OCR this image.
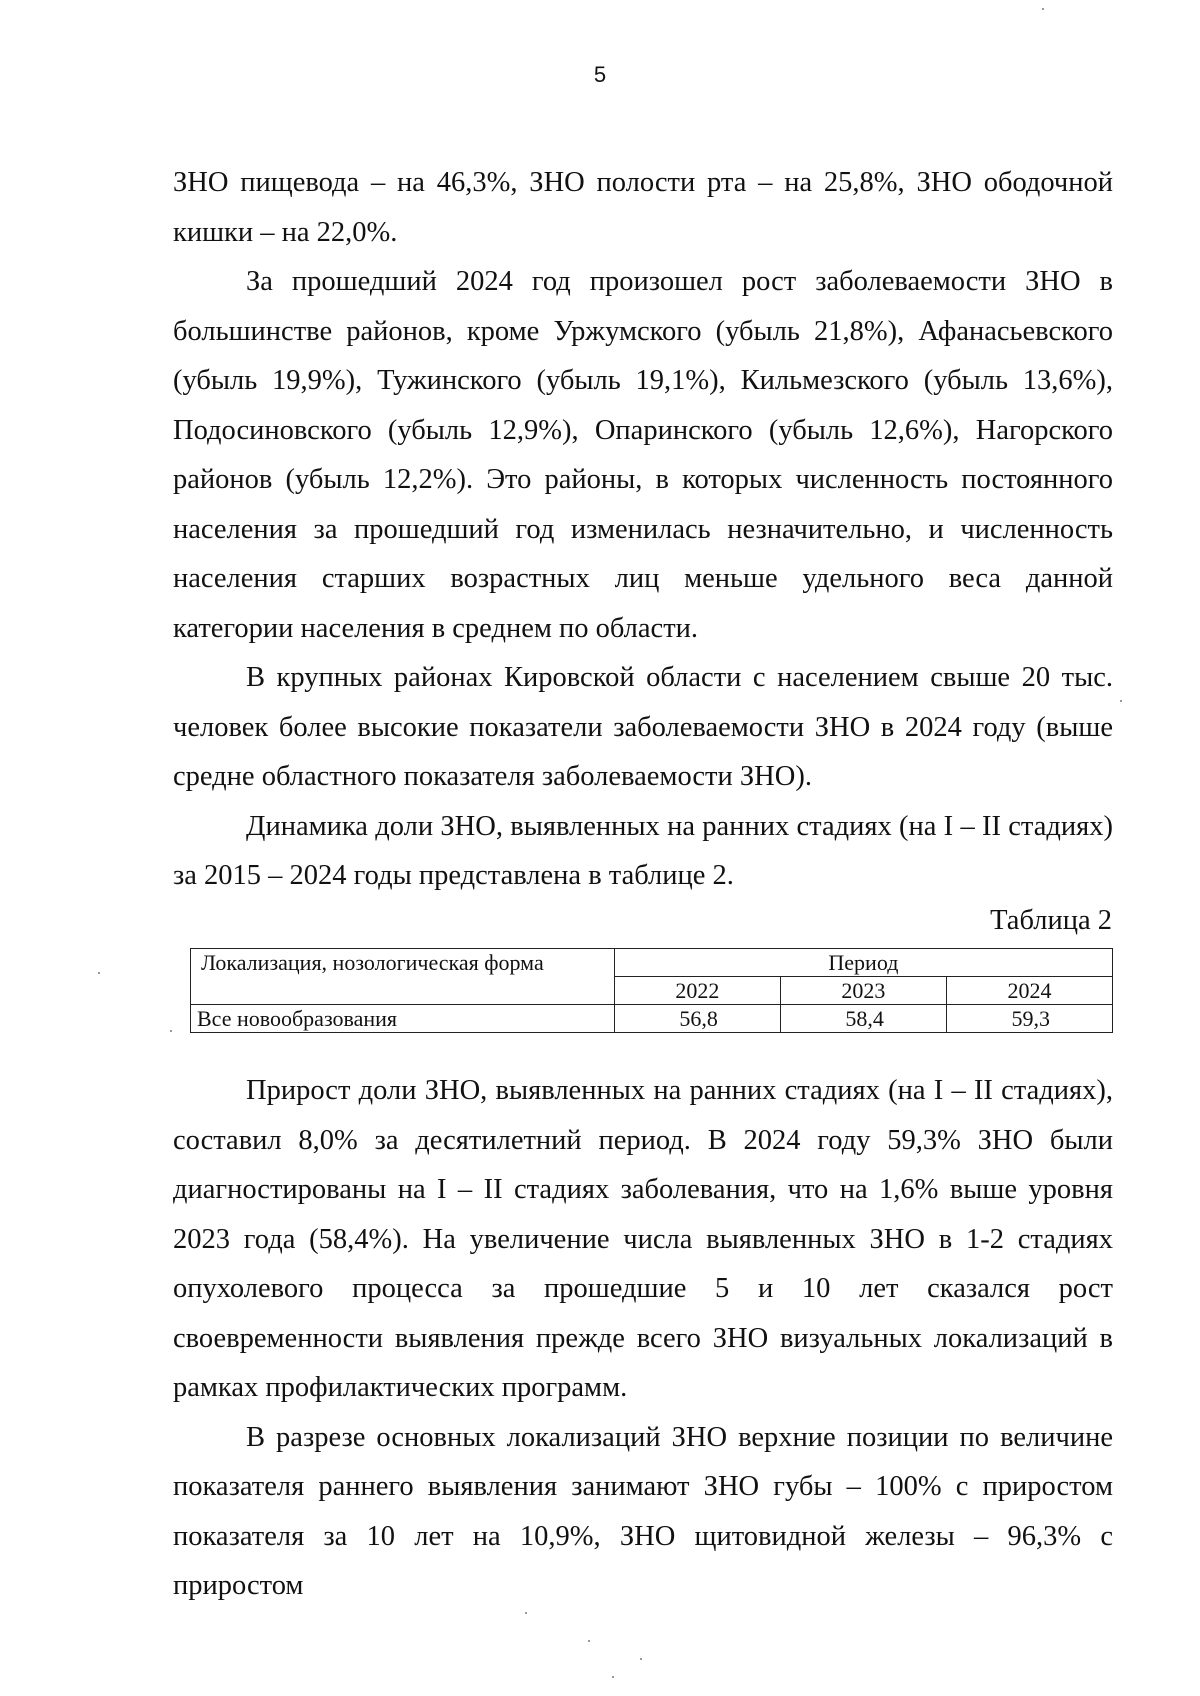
5

ЗНО пищевода – на 46,3%, ЗНО полости рта – на 25,8%, ЗНО ободочной кишки – на 22,0%.

За прошедший 2024 год произошел рост заболеваемости ЗНО в большинстве районов, кроме Уржумского (убыль 21,8%), Афанасьевского (убыль 19,9%), Тужинского (убыль 19,1%), Кильмезского (убыль 13,6%), Подосиновского (убыль 12,9%), Опаринского (убыль 12,6%), Нагорского районов (убыль 12,2%). Это районы, в которых численность постоянного населения за прошедший год изменилась незначительно, и численность населения старших возрастных лиц меньше удельного веса данной категории населения в среднем по области.

В крупных районах Кировской области с населением свыше 20 тыс. человек более высокие показатели заболеваемости ЗНО в 2024 году (выше средне областного показателя заболеваемости ЗНО).

Динамика доли ЗНО, выявленных на ранних стадиях (на I – II стадиях) за 2015 – 2024 годы представлена в таблице 2.

Таблица 2
Локализация, нозологическая форма	Период		
	2022	2023	2024
Все новообразования	56,8	58,4	59,3

Прирост доли ЗНО, выявленных на ранних стадиях (на I – II стадиях), составил 8,0% за десятилетний период. В 2024 году 59,3% ЗНО были диагностированы на I – II стадиях заболевания, что на 1,6% выше уровня 2023 года (58,4%). На увеличение числа выявленных ЗНО в 1-2 стадиях опухолевого процесса за прошедшие 5 и 10 лет сказался рост своевременности выявления прежде всего ЗНО визуальных локализаций в рамках профилактических программ.

В разрезе основных локализаций ЗНО верхние позиции по величине показателя раннего выявления занимают ЗНО губы – 100% с приростом показателя за 10 лет на 10,9%, ЗНО щитовидной железы – 96,3% с приростом
